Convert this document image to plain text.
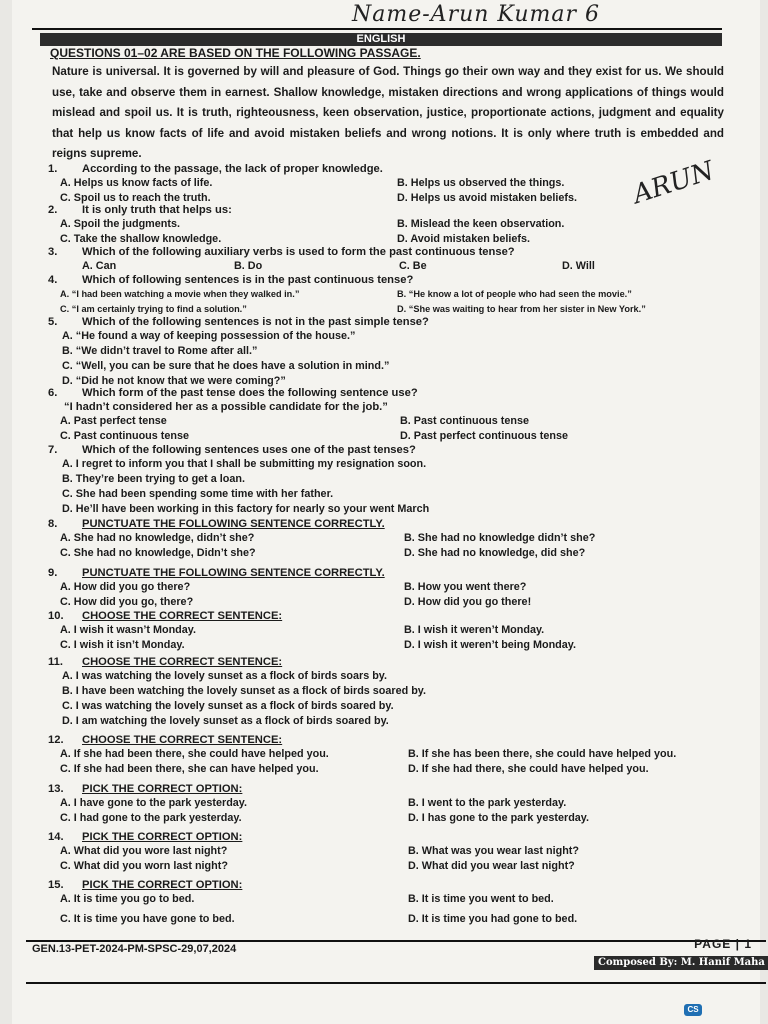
Name-Arun Kumar 6
ARUN
ENGLISH
QUESTIONS 01–02 ARE BASED ON THE FOLLOWING PASSAGE.
Nature is universal. It is governed by will and pleasure of God. Things go their own way and they exist for us. We should use, take and observe them in earnest. Shallow knowledge, mistaken directions and wrong applications of things would mislead and spoil us. It is truth, righteousness, keen observation, justice, proportionate actions, judgment and equality that help us know facts of life and avoid mistaken beliefs and wrong notions. It is only where truth is embedded and reigns supreme.
1. According to the passage, the lack of proper knowledge.
A. Helps us know facts of life.	B. Helps us observed the things.
C. Spoil us to reach the truth.	D. Helps us avoid mistaken beliefs.
2. It is only truth that helps us:
A. Spoil the judgments.	B. Mislead the keen observation.
C. Take the shallow knowledge.	D. Avoid mistaken beliefs.
3. Which of the following auxiliary verbs is used to form the past continuous tense?
A. Can	B. Do	C. Be	D. Will
4. Which of following sentences is in the past continuous tense?
A. “I had been watching a movie when they walked in.”	B. “He know a lot of people who had seen the movie.”
C. “I am certainly trying to find a solution.”	D. “She was waiting to hear from her sister in New York.”
5. Which of the following sentences is not in the past simple tense?
A. “He found a way of keeping possession of the house.”
B. “We didn’t travel to Rome after all.”
C. “Well, you can be sure that he does have a solution in mind.”
D. “Did he not know that we were coming?”
6. Which form of the past tense does the following sentence use?
“I hadn’t considered her as a possible candidate for the job.”
A. Past perfect tense	B. Past continuous tense
C. Past continuous tense	D. Past perfect continuous tense
7. Which of the following sentences uses one of the past tenses?
A. I regret to inform you that I shall be submitting my resignation soon.
B. They’re been trying to get a loan.
C. She had been spending some time with her father.
D. He’ll have been working in this factory for nearly so your went March
8. PUNCTUATE THE FOLLOWING SENTENCE CORRECTLY.
A. She had no knowledge, didn’t she?	B. She had no knowledge didn’t she?
C. She had no knowledge, Didn’t she?	D. She had no knowledge, did she?
9. PUNCTUATE THE FOLLOWING SENTENCE CORRECTLY.
A. How did you go there?	B. How you went there?
C. How did you go, there?	D. How did you go there!
10. CHOOSE THE CORRECT SENTENCE:
A. I wish it wasn’t Monday.	B. I wish it weren’t Monday.
C. I wish it isn’t Monday.	D. I wish it weren’t being Monday.
11. CHOOSE THE CORRECT SENTENCE:
A. I was watching the lovely sunset as a flock of birds soars by.
B. I have been watching the lovely sunset as a flock of birds soared by.
C. I was watching the lovely sunset as a flock of birds soared by.
D. I am watching the lovely sunset as a flock of birds soared by.
12. CHOOSE THE CORRECT SENTENCE:
A. If she had been there, she could have helped you.	B. If she has been there, she could have helped you.
C. If she had been there, she can have helped you.	D. If she had there, she could have helped you.
13. PICK THE CORRECT OPTION:
A. I have gone to the park yesterday.	B. I went to the park yesterday.
C. I had gone to the park yesterday.	D. I has gone to the park yesterday.
14. PICK THE CORRECT OPTION:
A. What did you wore last night?	B. What was you wear last night?
C. What did you worn last night?	D. What did you wear last night?
15. PICK THE CORRECT OPTION:
A. It is time you go to bed.	B. It is time you went to bed.
C. It is time you have gone to bed.	D. It is time you had gone to bed.
GEN.13-PET-2024-PM-SPSC-29,07,2024	PAGE | 1
Composed By: M. Hanif Maha
CS
